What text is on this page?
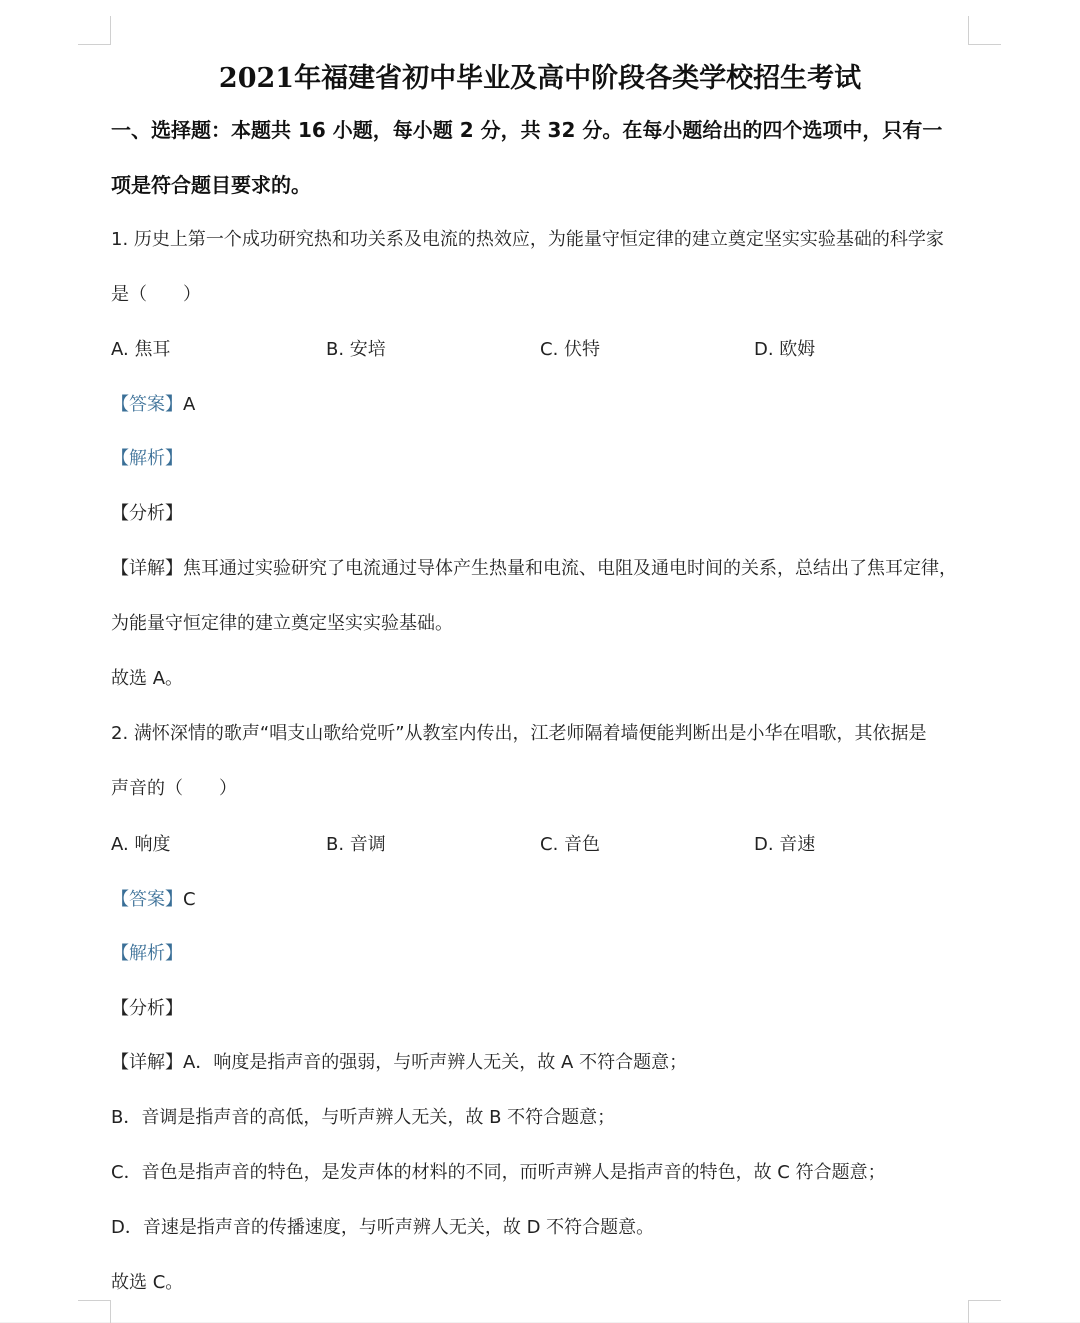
2021年福建省初中毕业及高中阶段各类学校招生考试
一、选择题：本题共 16 小题，每小题 2 分，共 32 分。在每小题给出的四个选项中，只有一
项是符合题目要求的。
1. 历史上第一个成功研究热和功关系及电流的热效应，为能量守恒定律的建立奠定坚实实验基础的科学家
是（　　）
A. 焦耳	B. 安培	C. 伏特	D. 欧姆
【答案】A
【解析】
【分析】
【详解】焦耳通过实验研究了电流通过导体产生热量和电流、电阻及通电时间的关系，总结出了焦耳定律，
为能量守恒定律的建立奠定坚实实验基础。
故选 A。
2. 满怀深情的歌声“唱支山歌给党听”从教室内传出，江老师隔着墙便能判断出是小华在唱歌，其依据是
声音的（　　）
A. 响度	B. 音调	C. 音色	D. 音速
【答案】C
【解析】
【分析】
【详解】A．响度是指声音的强弱，与听声辨人无关，故 A 不符合题意；
B．音调是指声音的高低，与听声辨人无关，故 B 不符合题意；
C．音色是指声音的特色，是发声体的材料的不同，而听声辨人是指声音的特色，故 C 符合题意；
D．音速是指声音的传播速度，与听声辨人无关，故 D 不符合题意。
故选 C。
